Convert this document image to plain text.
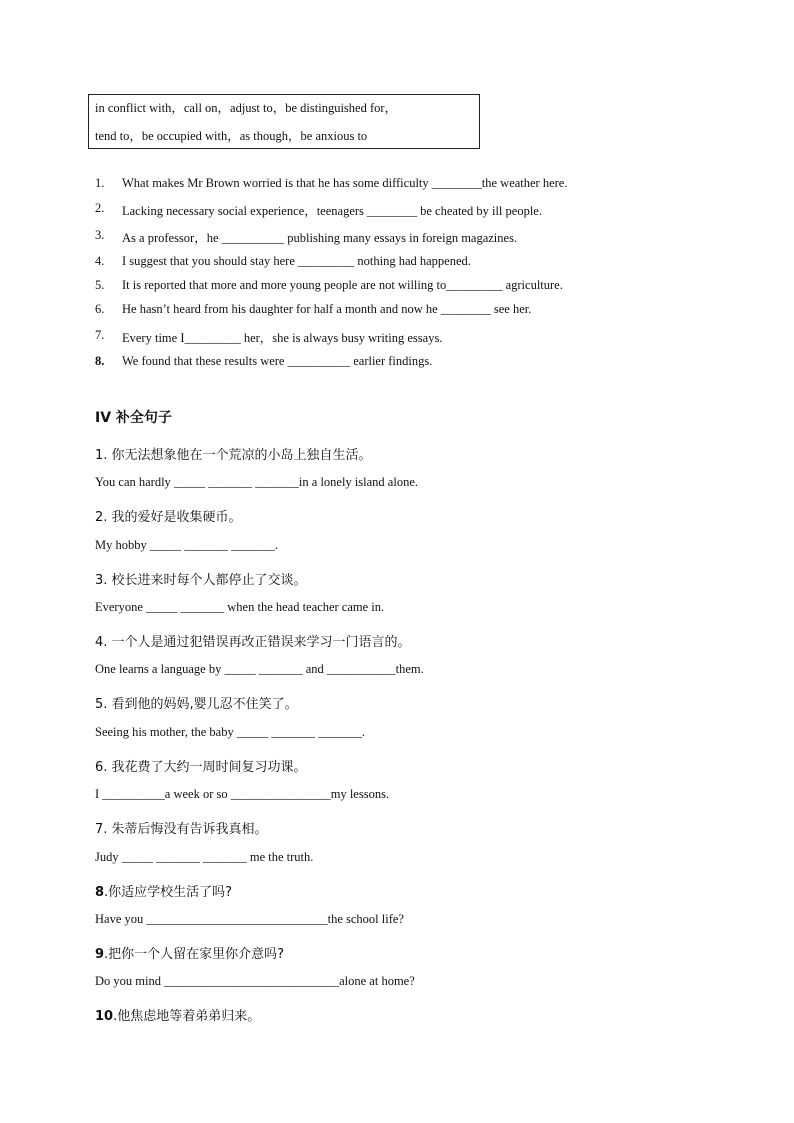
in conflict with，call on，adjust to，be distinguished for，
tend to，be occupied with，as though，be anxious to
1.	What makes Mr Brown worried is that he has some difficulty ________the weather here.
2.	Lacking necessary social experience，teenagers ________ be cheated by ill people.
3.	As a professor，he __________ publishing many essays in foreign magazines.
4.	I suggest that you should stay here _________ nothing had happened.
5.	It is reported that more and more young people are not willing to_________ agriculture.
6.	He hasn’t heard from his daughter for half a month and now he ________ see her.
7.	Every time I_________ her，she is always busy writing essays.
8.	We found that these results were __________ earlier findings.
IV 补全句子
1. 你无法想象他在一个荒凉的小岛上独自生活。
You can hardly _____ _______ _______in a lonely island alone.
2. 我的爱好是收集硬币。
My hobby _____ _______ _______.
3. 校长进来时每个人都停止了交谈。
Everyone _____ _______ when the head teacher came in.
4. 一个人是通过犯错误再改正错误来学习一门语言的。
One learns a language by _____ _______ and ___________them.
5. 看到他的妈妈,婴儿忍不住笑了。
Seeing his mother, the baby _____ _______ _______.
6. 我花费了大约一周时间复习功课。
I __________a week or so ________________my lessons.
7. 朱蒂后悔没有告诉我真相。
Judy _____ _______ _______ me the truth.
8.你适应学校生活了吗?
Have you _____________________________the school life?
9.把你一个人留在家里你介意吗?
Do you mind ____________________________alone at home?
10.他焦虑地等着弟弟归来。
